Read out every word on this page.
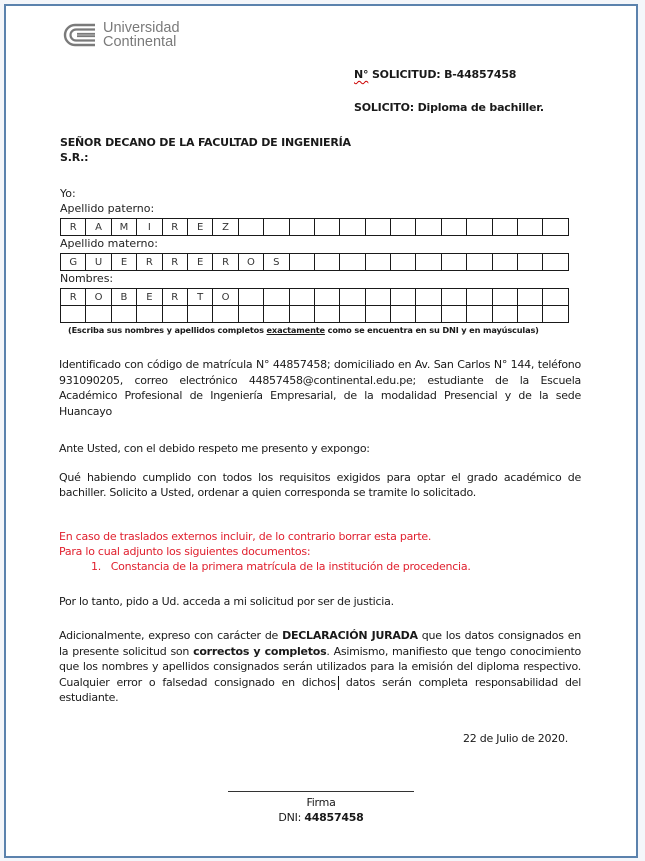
Universidad
Continental
N° SOLICITUD: B-44857458
SOLICITO: Diploma de bachiller.
SEÑOR DECANO DE LA FACULTAD DE INGENIERÍA
S.R.:
Yo:
Apellido paterno:
R	A	M	I	R	E	Z													
Apellido materno:
G	U	E	R	R	E	R	O	S											
Nombres:
R	O	B	E	R	T	O													

(Escriba sus nombres y apellidos completos exactamente como se encuentra en su DNI y en mayúsculas)
Identificado con código de matrícula N° 44857458; domiciliado en Av. San Carlos N° 144, teléfono 931090205, correo electrónico 44857458@continental.edu.pe; estudiante de la Escuela Académico Profesional de Ingeniería Empresarial, de la modalidad Presencial y de la sede Huancayo
Ante Usted, con el debido respeto me presento y expongo:
Qué habiendo cumplido con todos los requisitos exigidos para optar el grado académico de bachiller. Solicito a Usted, ordenar a quien corresponda se tramite lo solicitado.
En caso de traslados externos incluir, de lo contrario borrar esta parte.
Para lo cual adjunto los siguientes documentos:
1.   Constancia de la primera matrícula de la institución de procedencia.
Por lo tanto, pido a Ud. acceda a mi solicitud por ser de justicia.
Adicionalmente, expreso con carácter de DECLARACIÓN JURADA que los datos consignados en la presente solicitud son correctos y completos. Asimismo, manifiesto que tengo conocimiento que los nombres y apellidos consignados serán utilizados para la emisión del diploma respectivo. Cualquier error o falsedad consignado en dichos datos serán completa responsabilidad del estudiante.
22 de Julio de 2020.
Firma
DNI: 44857458
